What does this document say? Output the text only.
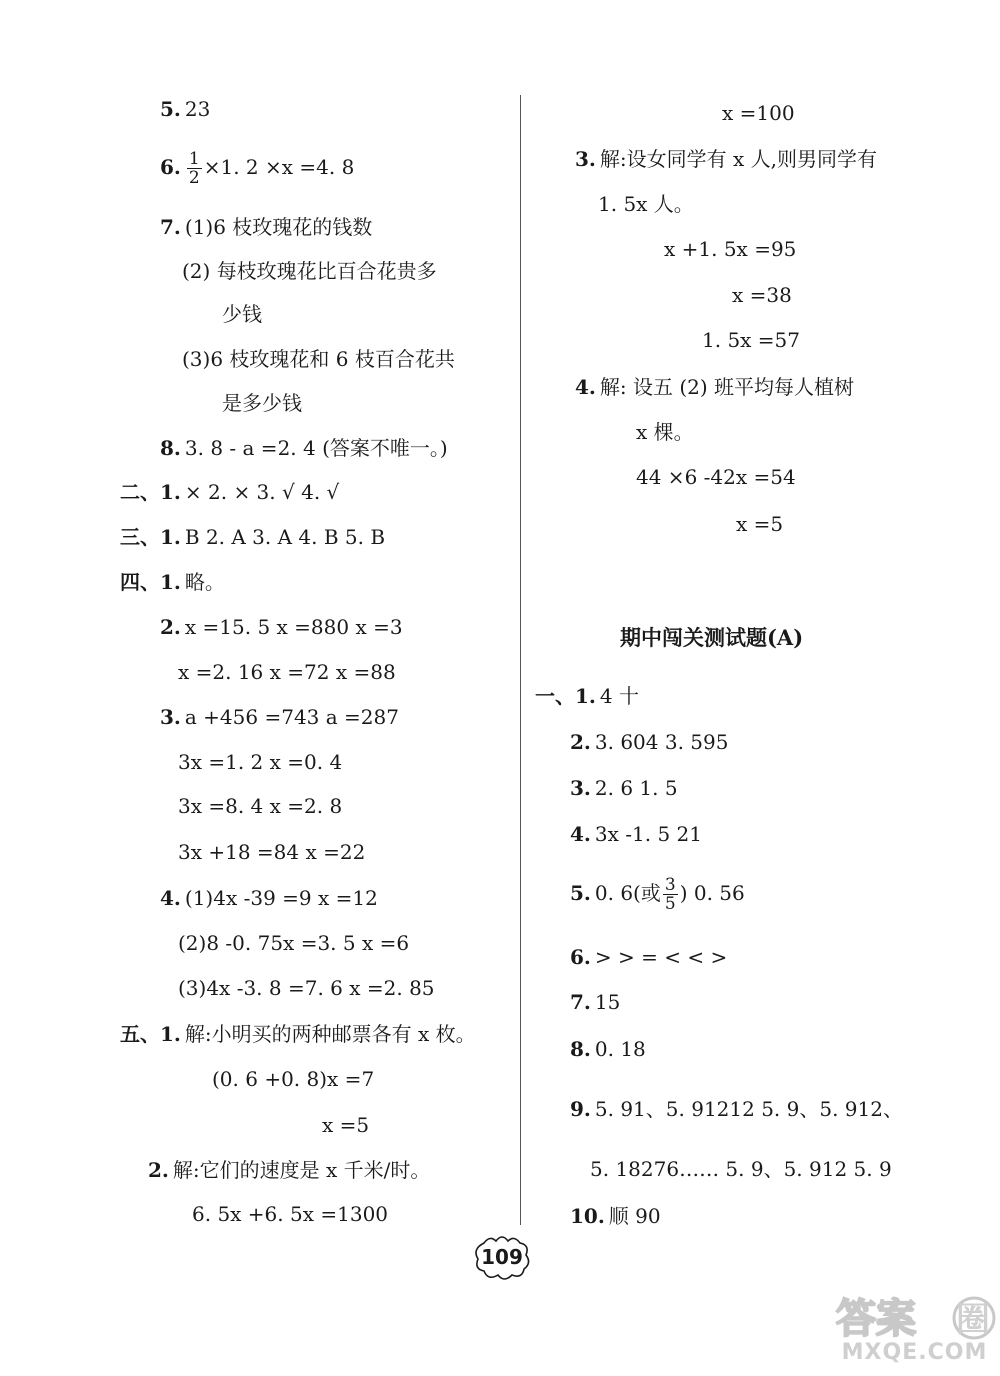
5. 23
6. $\frac{1}{2} \times 1$. 2 ×x =4. 8
7. (1)6 枝玫瑰花的钱数
(2) 每枝玫瑰花比百合花贵多
少钱
(3)6 枝玫瑰花和 6 枝百合花共
是多少钱
8. 3. 8 - a =2. 4 (答案不唯一。)
二、1. × 2. × 3. √ 4. √
三、1. B 2. A 3. A 4. B 5. B
四、1. 略。
2. x =15. 5 x =880 x =3
x =2. 16 x =72 x =88
3. a +456 =743 a =287
3x =1. 2 x =0. 4
3x =8. 4 x =2. 8
3x +18 =84 x =22
4. (1)4x -39 =9 x =12
(2)8 -0. 75x =3. 5 x =6
(3)4x -3. 8 =7. 6 x =2. 85
五、1. 解:小明买的两种邮票各有 x 枚。
(0. 6 +0. 8)x =7
x =5
2. 解:它们的速度是 x 千米/时。
6. 5x +6. 5x =1300
x =100
3. 解:设女同学有 x 人,则男同学有
1. 5x 人。
x +1. 5x =95
x =38
1. 5x =57
4. 解: 设五 (2) 班平均每人植树
x 棵。
44 ×6 -42x =54
x =5
期中闯关测试题(A)
一、1. 4 十
2. 3. 604 3. 595
3. 2. 6 1. 5
4. 3x -1. 5 21
5. 0. 6(或 $\frac{3}{5}$ ) 0. 56
6. > > = < < >
7. 15
8. 0. 18
9. 5. 91、5. 91212 5. 9、5. 912、
5. 18276…… 5. 9、5. 912 5. 9
10. 顺 90
109
答案 圈
MXQE.COM
